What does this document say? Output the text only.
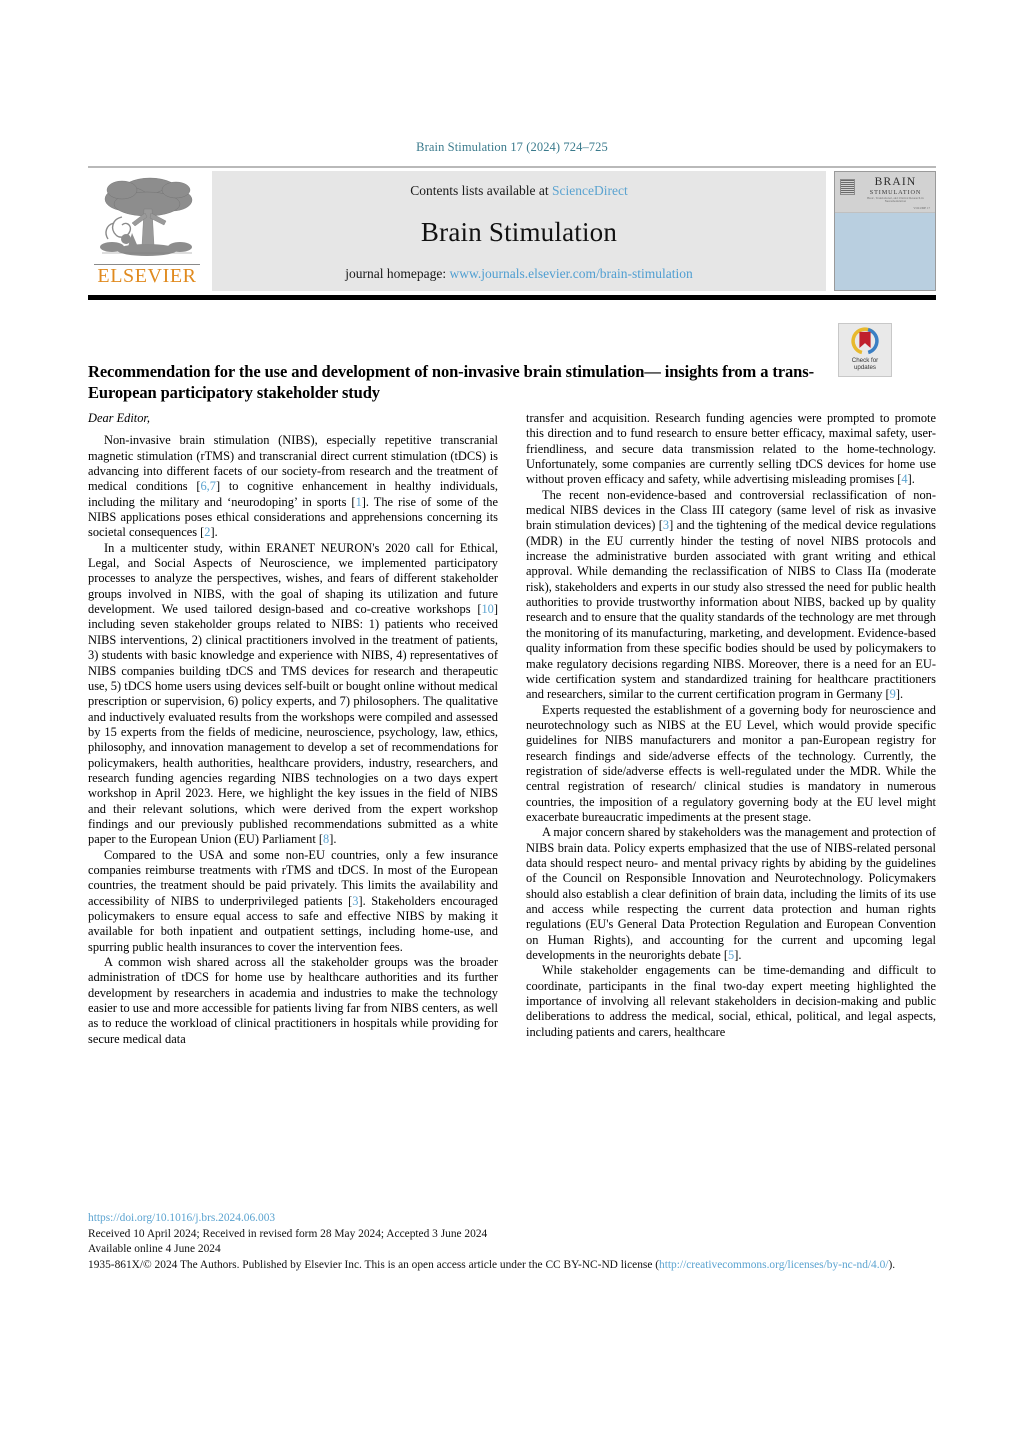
Brain Stimulation 17 (2024) 724–725
ELSEVIER
Contents lists available at ScienceDirect
Brain Stimulation
journal homepage: www.journals.elsevier.com/brain-stimulation
BRAIN
STIMULATION
Basic, Translational, and Clinical Research in Neuromodulation
VOLUME 17
Check for
updates
Recommendation for the use and development of non-invasive brain stimulation— insights from a trans-European participatory stakeholder study

Dear Editor,

Non-invasive brain stimulation (NIBS), especially repetitive transcranial magnetic stimulation (rTMS) and transcranial direct current stimulation (tDCS) is advancing into different facets of our society-from research and the treatment of medical conditions [6,7] to cognitive enhancement in healthy individuals, including the military and ‘neurodoping’ in sports [1]. The rise of some of the NIBS applications poses ethical considerations and apprehensions concerning its societal consequences [2].

In a multicenter study, within ERANET NEURON's 2020 call for Ethical, Legal, and Social Aspects of Neuroscience, we implemented participatory processes to analyze the perspectives, wishes, and fears of different stakeholder groups involved in NIBS, with the goal of shaping its utilization and future development. We used tailored design-based and co-creative workshops [10] including seven stakeholder groups related to NIBS: 1) patients who received NIBS interventions, 2) clinical practitioners involved in the treatment of patients, 3) students with basic knowledge and experience with NIBS, 4) representatives of NIBS companies building tDCS and TMS devices for research and therapeutic use, 5) tDCS home users using devices self-built or bought online without medical prescription or supervision, 6) policy experts, and 7) philosophers. The qualitative and inductively evaluated results from the workshops were compiled and assessed by 15 experts from the fields of medicine, neuroscience, psychology, law, ethics, philosophy, and innovation management to develop a set of recommendations for policymakers, health authorities, healthcare providers, industry, researchers, and research funding agencies regarding NIBS technologies on a two days expert workshop in April 2023. Here, we highlight the key issues in the field of NIBS and their relevant solutions, which were derived from the expert workshop findings and our previously published recommendations submitted as a white paper to the European Union (EU) Parliament [8].

Compared to the USA and some non-EU countries, only a few insurance companies reimburse treatments with rTMS and tDCS. In most of the European countries, the treatment should be paid privately. This limits the availability and accessibility of NIBS to underprivileged patients [3]. Stakeholders encouraged policymakers to ensure equal access to safe and effective NIBS by making it available for both inpatient and outpatient settings, including home-use, and spurring public health insurances to cover the intervention fees.

A common wish shared across all the stakeholder groups was the broader administration of tDCS for home use by healthcare authorities and its further development by researchers in academia and industries to make the technology easier to use and more accessible for patients living far from NIBS centers, as well as to reduce the workload of clinical practitioners in hospitals while providing for secure medical data

transfer and acquisition. Research funding agencies were prompted to promote this direction and to fund research to ensure better efficacy, maximal safety, user-friendliness, and secure data transmission related to the home-technology. Unfortunately, some companies are currently selling tDCS devices for home use without proven efficacy and safety, while advertising misleading promises [4].

The recent non-evidence-based and controversial reclassification of non-medical NIBS devices in the Class III category (same level of risk as invasive brain stimulation devices) [3] and the tightening of the medical device regulations (MDR) in the EU currently hinder the testing of novel NIBS protocols and increase the administrative burden associated with grant writing and ethical approval. While demanding the reclassification of NIBS to Class IIa (moderate risk), stakeholders and experts in our study also stressed the need for public health authorities to provide trustworthy information about NIBS, backed up by quality research and to ensure that the quality standards of the technology are met through the monitoring of its manufacturing, marketing, and development. Evidence-based quality information from these specific bodies should be used by policymakers to make regulatory decisions regarding NIBS. Moreover, there is a need for an EU-wide certification system and standardized training for healthcare practitioners and researchers, similar to the current certification program in Germany [9].

Experts requested the establishment of a governing body for neuroscience and neurotechnology such as NIBS at the EU Level, which would provide specific guidelines for NIBS manufacturers and monitor a pan-European registry for research findings and side/adverse effects of the technology. Currently, the registration of side/adverse effects is well-regulated under the MDR. While the central registration of research/ clinical studies is mandatory in numerous countries, the imposition of a regulatory governing body at the EU level might exacerbate bureaucratic impediments at the present stage.

A major concern shared by stakeholders was the management and protection of NIBS brain data. Policy experts emphasized that the use of NIBS-related personal data should respect neuro- and mental privacy rights by abiding by the guidelines of the Council on Responsible Innovation and Neurotechnology. Policymakers should also establish a clear definition of brain data, including the limits of its use and access while respecting the current data protection and human rights regulations (EU's General Data Protection Regulation and European Convention on Human Rights), and accounting for the current and upcoming legal developments in the neurorights debate [5].

While stakeholder engagements can be time-demanding and difficult to coordinate, participants in the final two-day expert meeting highlighted the importance of involving all relevant stakeholders in decision-making and public deliberations to address the medical, social, ethical, political, and legal aspects, including patients and carers, healthcare

https://doi.org/10.1016/j.brs.2024.06.003

Received 10 April 2024; Received in revised form 28 May 2024; Accepted 3 June 2024

Available online 4 June 2024

1935-861X/© 2024 The Authors. Published by Elsevier Inc. This is an open access article under the CC BY-NC-ND license (http://creativecommons.org/licenses/by-nc-nd/4.0/).
